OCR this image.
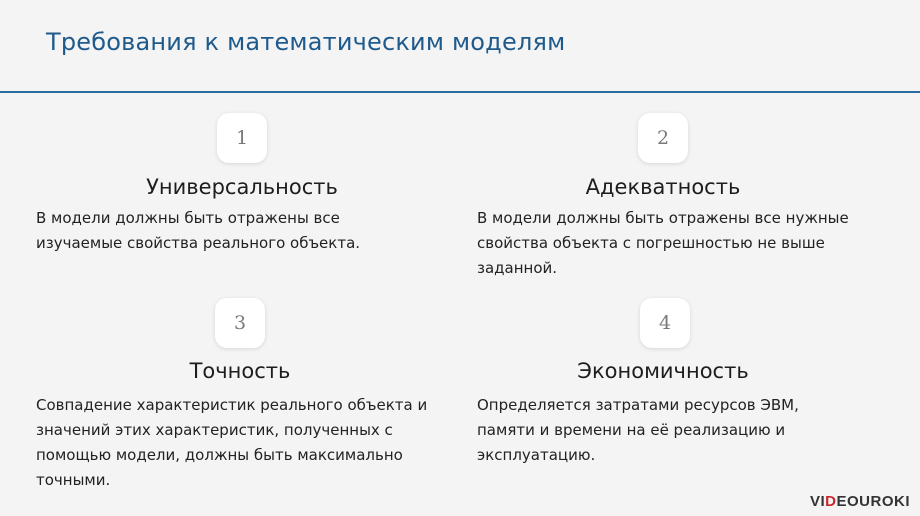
Требования к математическим моделям
1
Универсальность
В модели должны быть отражены все изучаемые свойства реального объекта.
2
Адекватность
В модели должны быть отражены все нужные свойства объекта с погрешностью не выше заданной.
3
Точность
Совпадение характеристик реального объекта и значений этих характеристик, полученных с помощью модели, должны быть максимально точными.
4
Экономичность
Определяется затратами ресурсов ЭВМ, памяти и времени на её реализацию и эксплуатацию.
VIDEOUROKI
